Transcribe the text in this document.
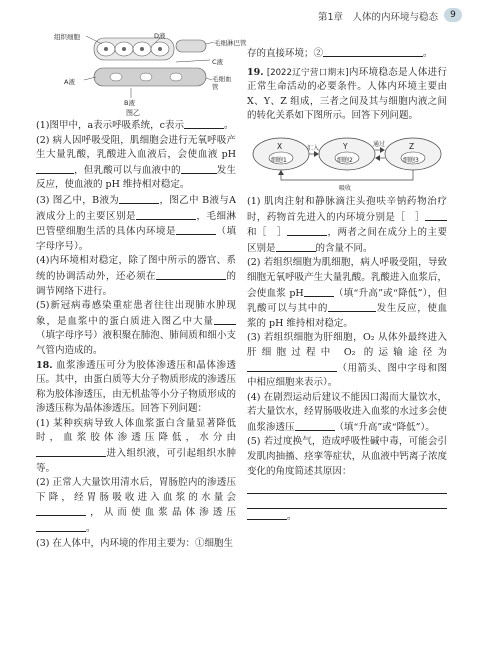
第1章　人体的内环境与稳态	9
组织细胞	D液
毛细淋巴管
C液
A液	毛细血管
B液
图乙

(1)图甲中，a表示呼吸系统，c表示	。

(2) 病人因呼吸受阻，肌细胞会进行无氧呼吸产生大量乳酸，乳酸进入血液后，会使血液 pH，但乳酸可以与血液中的	发生反应，使血液的 pH 维持相对稳定。

(3) 图乙中，B液为	，图乙中 B液与A液成分上的主要区别是	，毛细淋巴管壁细胞生活的具体内环境是	（填字母序号）。

(4)内环境相对稳定，除了图中所示的器官、系统的协调活动外，还必须在	的调节网络下进行。

(5)新冠病毒感染重症患者往往出现肺水肿现象，是血浆中的蛋白质进入图乙中大量（填字母序号）液积聚在肺泡、肺间质和细小支气管内造成的。

18. 血浆渗透压可分为胶体渗透压和晶体渗透压。其中，由蛋白质等大分子物质形成的渗透压称为胶体渗透压，由无机盐等小分子物质形成的渗透压称为晶体渗透压。回答下列问题：

(1) 某种疾病导致人体血浆蛋白含量显著降低时，血浆胶体渗透压降低，水分由进入组织液，可引起组织水肿等。

(2) 正常人大量饮用清水后，胃肠腔内的渗透压下降，经胃肠吸收进入血浆的水量会，从而使血浆晶体渗透压。

(3) 在人体中，内环境的作用主要为：①细胞生

存的直接环境；②	。

19. [2022辽宁营口期末]内环境稳态是人体进行正常生命活动的必要条件。人体内环境主要由 X、Y、Z 组成，三者之间及其与细胞内液之间的转化关系如下图所示。回答下列问题。

X	Y	Z
细胞1	细胞2	细胞3
汇入
通过
吸收

(1) 肌肉注射和静脉滴注头孢呋辛钠药物治疗时，药物首先进入的内环境分别是［　］和［　］	，两者之间在成分上的主要区别是	的含量不同。

(2) 若组织细胞为肌细胞，病人呼吸受阻，导致细胞无氧呼吸产生大量乳酸。乳酸进入血浆后，会使血浆 pH	（填“升高”或“降低”），但乳酸可以与其中的	发生反应，使血浆的 pH 维持相对稳定。

(3) 若组织细胞为肝细胞，O₂ 从体外最终进入肝细胞过程中 O₂ 的运输途径为（用箭头、图中字母和图中相应细胞来表示）。

(4) 在剧烈运动后建议不能因口渴而大量饮水，若大量饮水，经胃肠吸收进入血浆的水过多会使血浆渗透压	（填“升高”或“降低”）。

(5) 若过度换气，造成呼吸性碱中毒，可能会引发肌肉抽搐、痉挛等症状，从血液中钙离子浓度变化的角度简述其原因：

。
